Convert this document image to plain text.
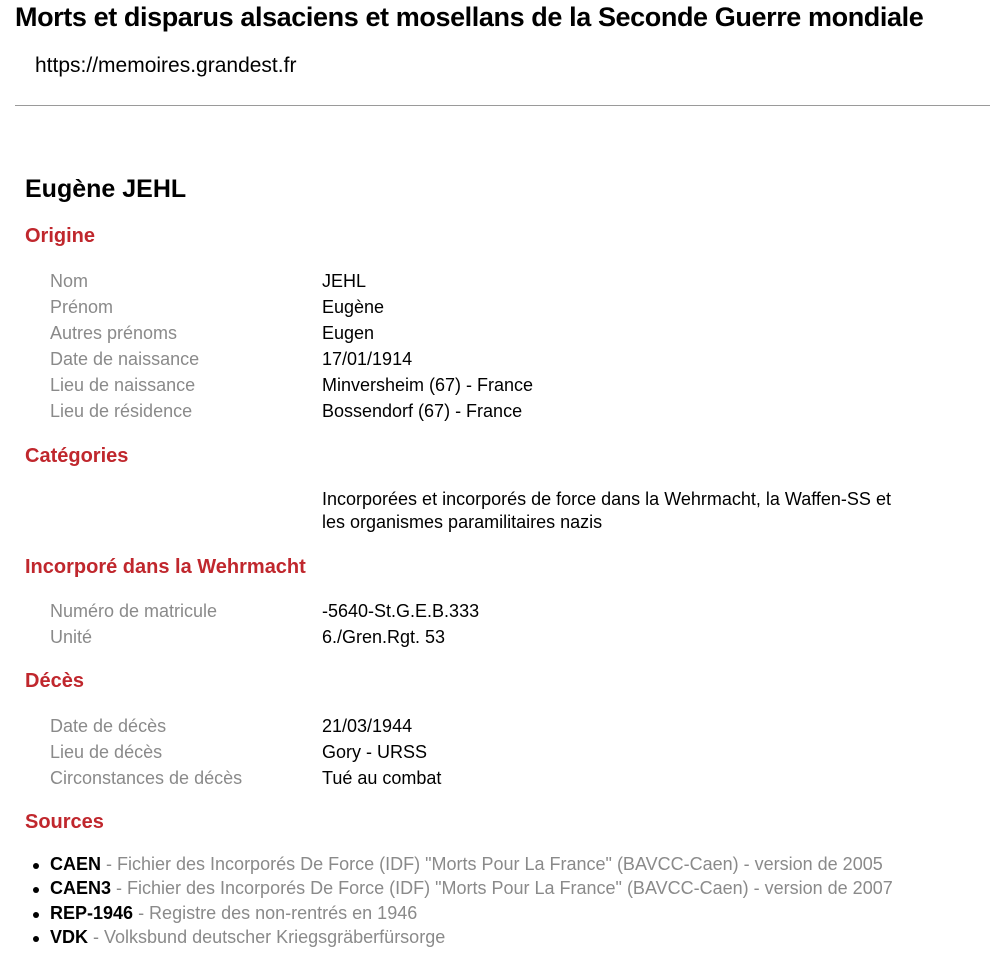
Morts et disparus alsaciens et mosellans de la Seconde Guerre mondiale
https://memoires.grandest.fr
Eugène JEHL
Origine
Nom	JEHL
Prénom	Eugène
Autres prénoms	Eugen
Date de naissance	17/01/1914
Lieu de naissance	Minversheim (67) - France
Lieu de résidence	Bossendorf (67) - France
Catégories
Incorporées et incorporés de force dans la Wehrmacht, la Waffen-SS et les organismes paramilitaires nazis
Incorporé dans la Wehrmacht
Numéro de matricule	-5640-St.G.E.B.333
Unité	6./Gren.Rgt. 53
Décès
Date de décès	21/03/1944
Lieu de décès	Gory - URSS
Circonstances de décès	Tué au combat
Sources
CAEN - Fichier des Incorporés De Force (IDF) "Morts Pour La France" (BAVCC-Caen) - version de 2005
CAEN3 - Fichier des Incorporés De Force (IDF) "Morts Pour La France" (BAVCC-Caen) - version de 2007
REP-1946 - Registre des non-rentrés en 1946
VDK - Volksbund deutscher Kriegsgräberfürsorge
